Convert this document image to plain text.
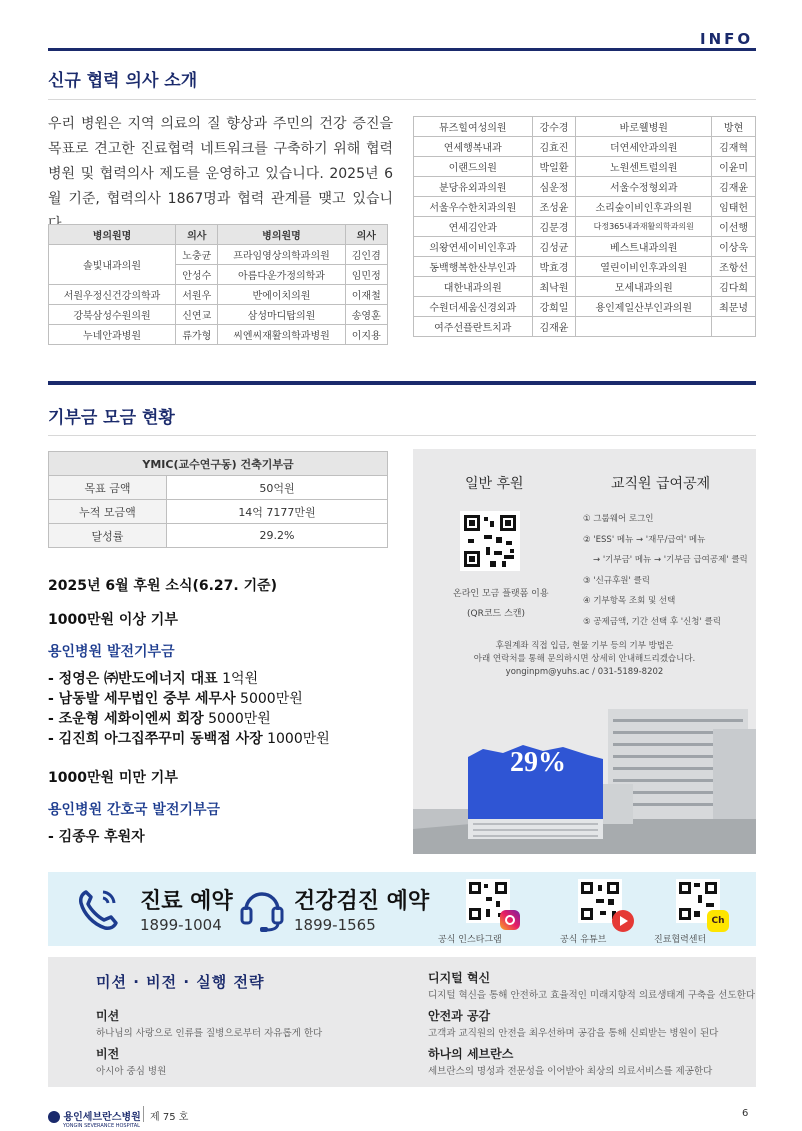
INFO
신규 협력 의사 소개
우리 병원은 지역 의료의 질 향상과 주민의 건강 증진을 목표로 견고한 진료협력 네트워크를 구축하기 위해 협력병원 및 협력의사 제도를 운영하고 있습니다. 2025년 6월 기준, 협력의사 1867명과 협력 관계를 맺고 있습니
병의원명	의사	병의원명	의사
솔빛내과의원	노충균	프라임영상의학과의원	김인겸
	안성수	아름다운가정의학과	임민정
서원우정신건강의학과	서원우	반에이치의원	이재철
강북삼성수원의원	신연교	삼성마디탑의원	송영훈
누네안과병원	류가형	씨엔씨재활의학과병원	이지용
뮤즈힐여성의원	강수경	바로웰병원	방현
연세행복내과	김효진	더연세안과의원	김재혁
이랜드의원	박일환	노원센트럴의원	이윤미
분당유외과의원	심운정	서울수정형외과	김재윤
서울우수한치과의원	조성윤	소리숲이비인후과의원	임태헌
연세김안과	김문경	다정365내과재활의학과의원	이선행
의왕연세이비인후과	김성균	베스트내과의원	이상욱
동백행복한산부인과	박효경	열린이비인후과의원	조항선
대한내과의원	최낙원	모세내과의원	김다희
수원더세움신경외과	강희일	용인제일산부인과의원	최문녕
여주선플란트치과	김재윤		
기부금 모금 현황
YMIC(교수연구동) 건축기부금	
목표 금액	50억원
누적 모금액	14억 7177만원
달성률	29.2%
2025년 6월 후원 소식(6.27. 기준)
1000만원 이상 기부
용인병원 발전기부금
- 정영은 ㈜반도에너지 대표 1억원
- 남동발 세무법인 중부 세무사 5000만원
- 조운형 세화이엔씨 회장 5000만원
- 김진희 아그집쭈꾸미 동백점 사장 1000만원
1000만원 미만 기부
용인병원 간호국 발전기부금
- 김종우 후원자
일반 후원	교직원 급여공제
온라인 모금 플랫폼 이용
(QR코드 스캔)
① 그룹웨어 로그인
② 'ESS' 메뉴 → '재무/급여' 메뉴
→ '기부금' 메뉴 → '기부금 급여공제' 클릭
③ '신규후원' 클릭
④ 기부항목 조회 및 선택
⑤ 공제금액, 기간 선택 후 '신청' 클릭
후원계좌 직접 입금, 현물 기부 등의 기부 방법은
아래 연락처를 통해 문의하시면 상세히 안내해드리겠습니다.
yonginpm@yuhs.ac / 031-5189-8202
29%
진료 예약
1899-1004
건강검진 예약
1899-1565
공식 인스타그램	공식 유튜브
Ch
진료협력센터
미션 · 비전 · 실행 전략
미션
하나님의 사랑으로 인류를 질병으로부터 자유롭게 한다
비전
아시아 중심 병원
디지털 혁신
디지털 혁신을 통해 안전하고 효율적인 미래지향적 의료생태계 구축을 선도한다
안전과 공감
고객과 교직원의 안전을 최우선하며 공감을 통해 신뢰받는 병원이 된다
하나의 세브란스
세브란스의 명성과 전문성을 이어받아 최상의 의료서비스를 제공한다
용인세브란스병원
YONGIN SEVERANCE HOSPITAL
제 75 호	6
